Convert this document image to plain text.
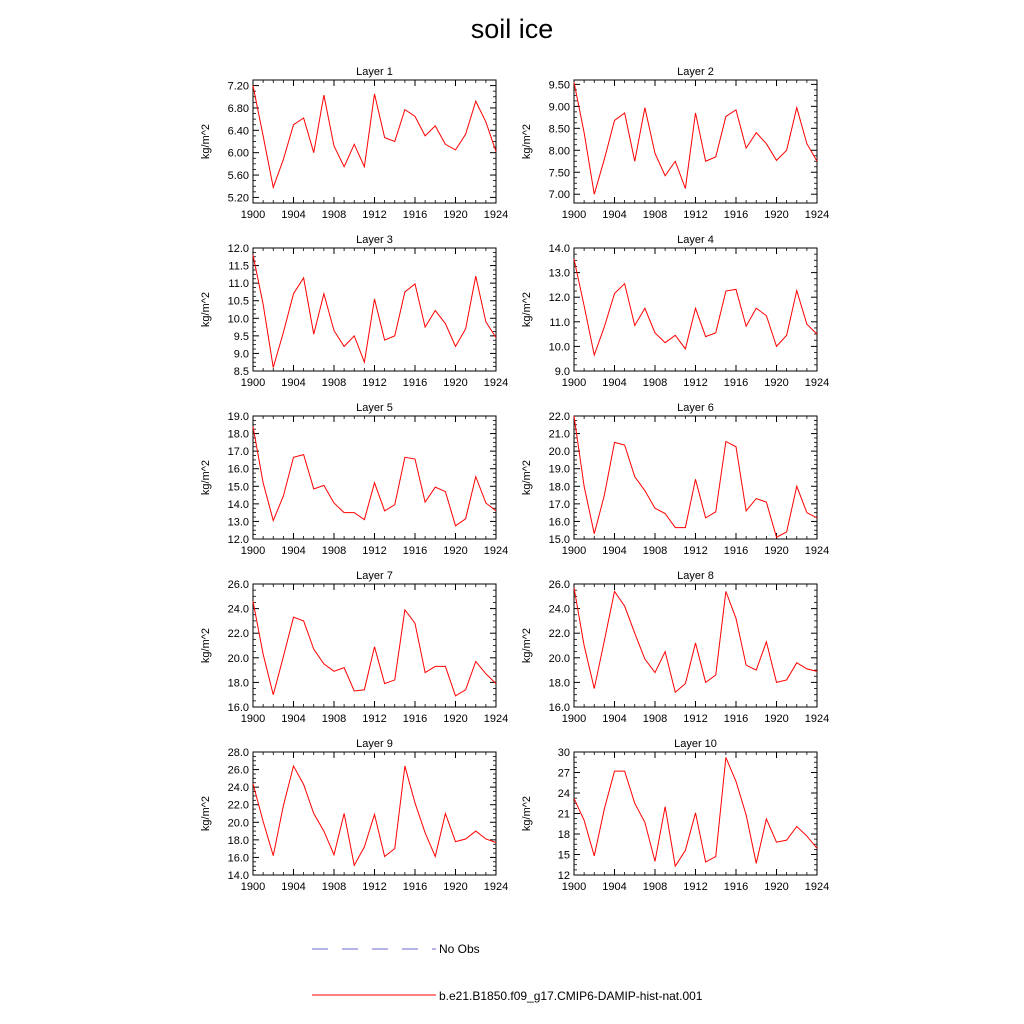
soil ice
Layer 1
kg/m^2
1900 1904 1908 1912 1916 1920 1924
5.20
5.60
6.00
6.40
6.80
7.20
Layer 2
kg/m^2
1900 1904 1908 1912 1916 1920 1924
7.00
7.50
8.00
8.50
9.00
9.50
Layer 3
kg/m^2
1900 1904 1908 1912 1916 1920 1924
8.5
9.0
9.5
10.0
10.5
11.0
11.5
12.0
Layer 4
kg/m^2
1900 1904 1908 1912 1916 1920 1924
9.0
10.0
11.0
12.0
13.0
14.0
Layer 5
kg/m^2
1900 1904 1908 1912 1916 1920 1924
12.0
13.0
14.0
15.0
16.0
17.0
18.0
19.0
Layer 6
kg/m^2
1900 1904 1908 1912 1916 1920 1924
15.0
16.0
17.0
18.0
19.0
20.0
21.0
22.0
Layer 7
kg/m^2
1900 1904 1908 1912 1916 1920 1924
16.0
18.0
20.0
22.0
24.0
26.0
Layer 8
kg/m^2
1900 1904 1908 1912 1916 1920 1924
16.0
18.0
20.0
22.0
24.0
26.0
Layer 9
kg/m^2
1900 1904 1908 1912 1916 1920 1924
14.0
16.0
18.0
20.0
22.0
24.0
26.0
28.0
Layer 10
kg/m^2
1900 1904 1908 1912 1916 1920 1924
12
15
18
21
24
27
30
No Obs
b.e21.B1850.f09_g17.CMIP6-DAMIP-hist-nat.001
